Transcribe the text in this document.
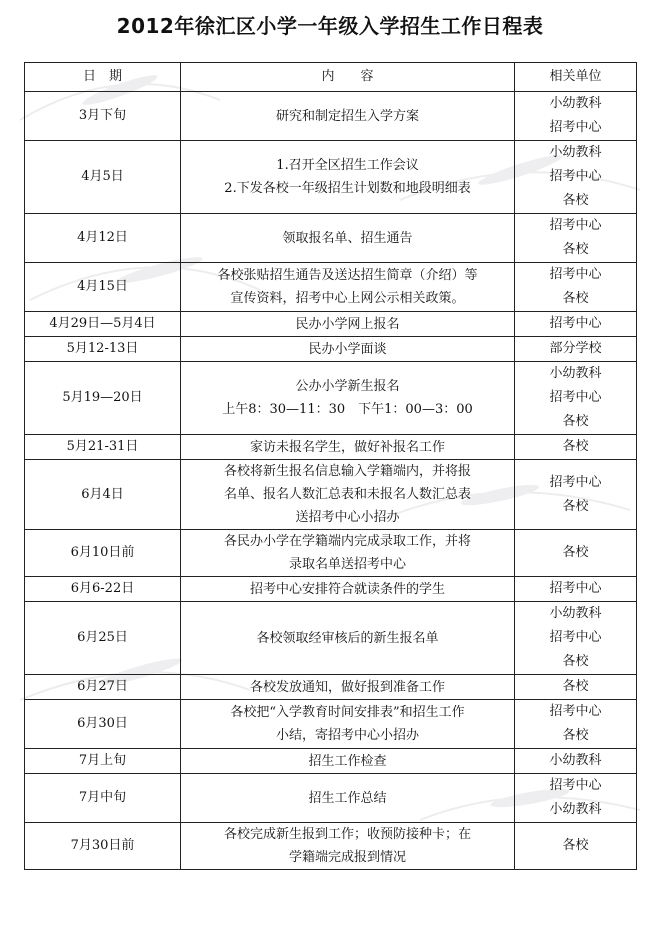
2012年徐汇区小学一年级入学招生工作日程表
日　期	内　　容	相关单位
3月下旬	研究和制定招生入学方案	小幼教科
招考中心

4月5日	1.召开全区招生工作会议
2.下发各校一年级招生计划数和地段明细表	小幼教科
招考中心
各校

4月12日	领取报名单、招生通告	招考中心
各校

4月15日	各校张贴招生通告及送达招生简章（介绍）等
宣传资料，招考中心上网公示相关政策。	招考中心
各校

4月29日—5月4日	民办小学网上报名	招考中心

5月12-13日	民办小学面谈	部分学校

5月19—20日	公办小学新生报名
上午8：30—11：30　下午1：00—3：00	小幼教科
招考中心
各校

5月21-31日	家访未报名学生，做好补报名工作	各校

6月4日	各校将新生报名信息输入学籍端内，并将报
名单、报名人数汇总表和未报名人数汇总表
送招考中心小招办	招考中心
各校

6月10日前	各民办小学在学籍端内完成录取工作，并将
录取名单送招考中心	各校

6月6-22日	招考中心安排符合就读条件的学生	招考中心

6月25日	各校领取经审核后的新生报名单	小幼教科
招考中心
各校

6月27日	各校发放通知，做好报到准备工作	各校

6月30日	各校把“入学教育时间安排表”和招生工作
小结，寄招考中心小招办	招考中心
各校

7月上旬	招生工作检查	小幼教科

7月中旬	招生工作总结	招考中心
小幼教科

7月30日前	各校完成新生报到工作；收预防接种卡；在
学籍端完成报到情况	各校
